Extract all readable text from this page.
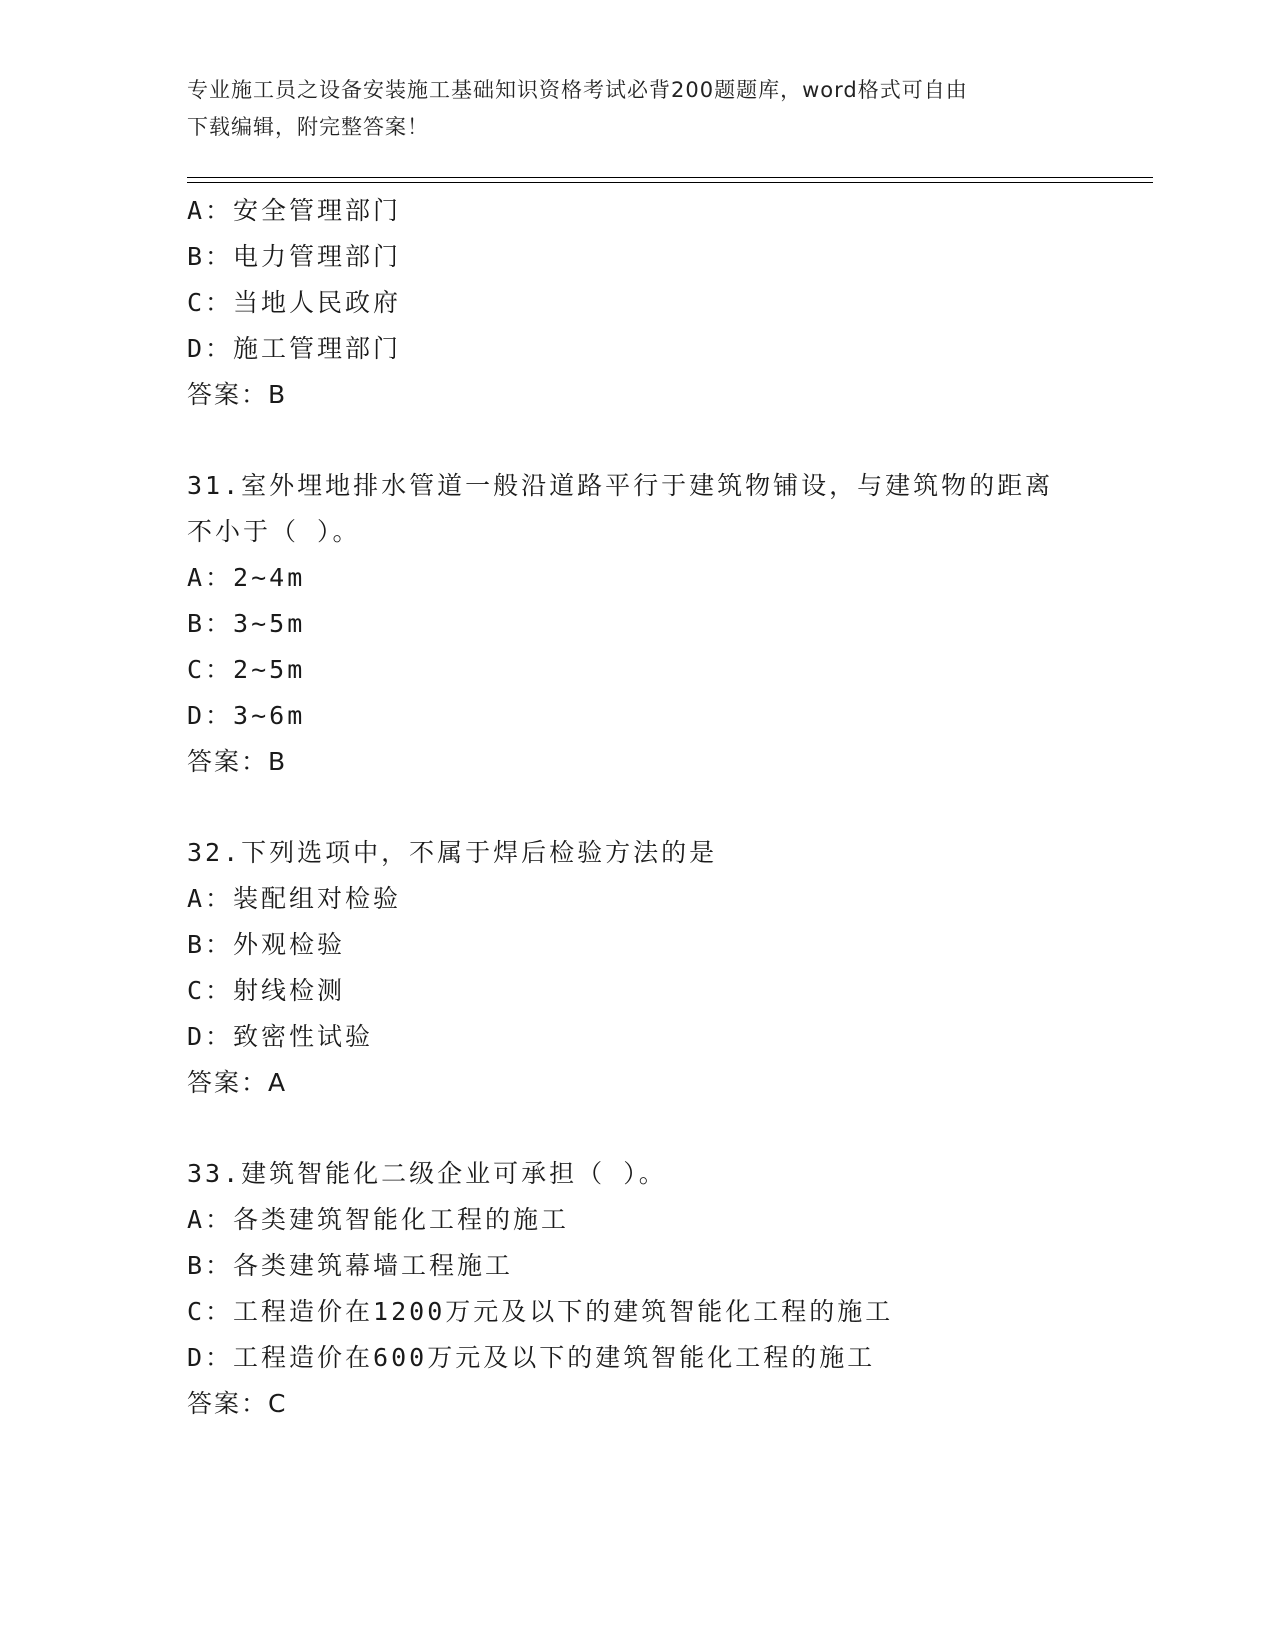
专业施工员之设备安装施工基础知识资格考试必背200题题库，word格式可自由
下载编辑，附完整答案！
A：安全管理部门
B：电力管理部门
C：当地人民政府
D：施工管理部门
答案：B
31.室外埋地排水管道一般沿道路平行于建筑物铺设，与建筑物的距离
不小于（ ）。
A：2~4m
B：3~5m
C：2~5m
D：3~6m
答案：B
32.下列选项中，不属于焊后检验方法的是
A：装配组对检验
B：外观检验
C：射线检测
D：致密性试验
答案：A
33.建筑智能化二级企业可承担（ ）。
A：各类建筑智能化工程的施工
B：各类建筑幕墙工程施工
C：工程造价在1200万元及以下的建筑智能化工程的施工
D：工程造价在600万元及以下的建筑智能化工程的施工
答案：C
